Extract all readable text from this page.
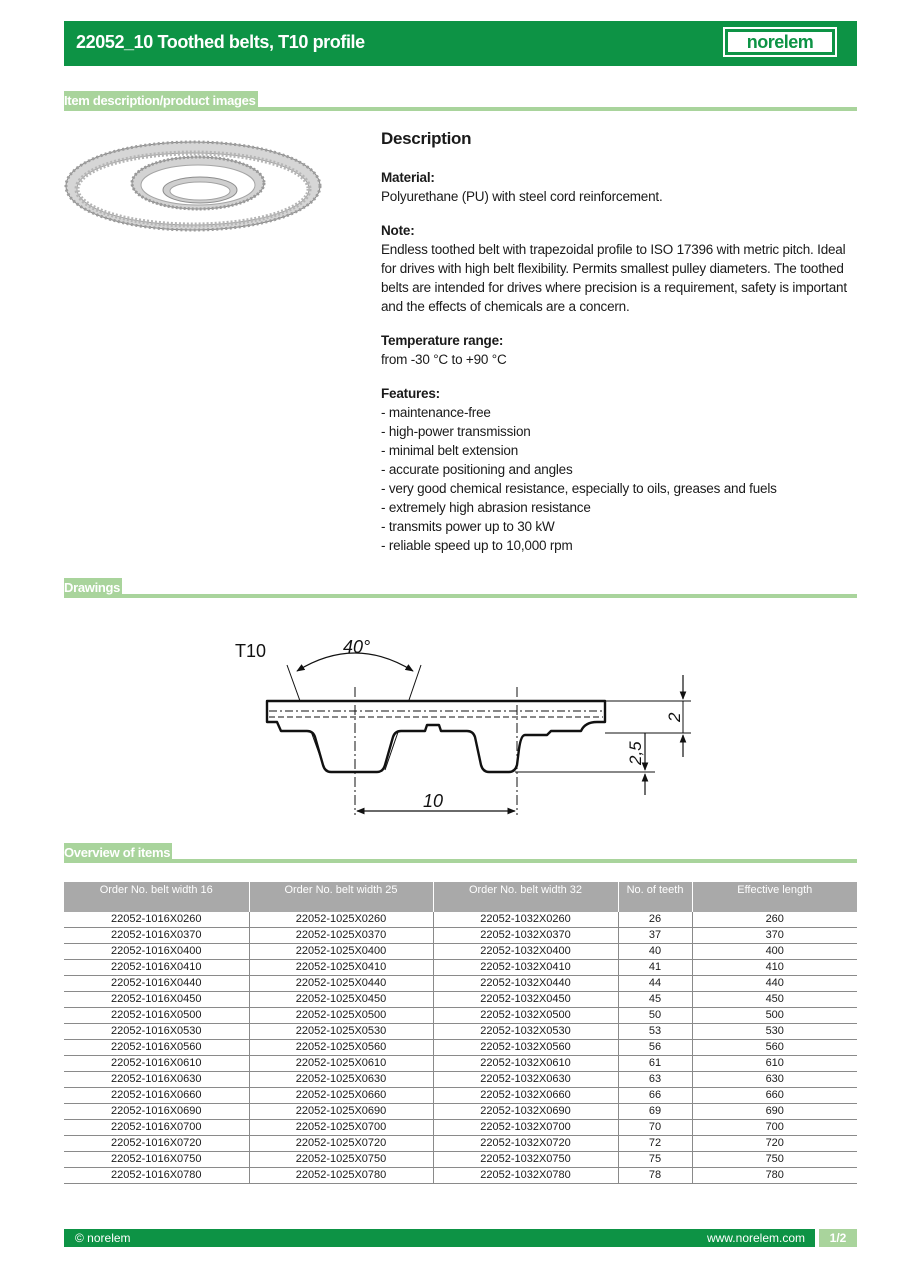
22052_10 Toothed belts, T10 profile	norelem
Item description/product images
Description
Material:
Polyurethane (PU) with steel cord reinforcement.
Note:
Endless toothed belt with trapezoidal profile to ISO 17396 with metric pitch. Ideal for drives with high belt flexibility. Permits smallest pulley diameters. The toothed belts are intended for drives where precision is a requirement, safety is important and the effects of chemicals are a concern.
Temperature range:
from -30 °C to +90 °C
Features:
- maintenance-free
- high-power transmission
- minimal belt extension
- accurate positioning and angles
- very good chemical resistance, especially to oils, greases and fuels
- extremely high abrasion resistance
- transmits power up to 30 kW
- reliable speed up to 10,000 rpm
Drawings
T10	40°
10
2
2,5
Overview of items
Order No. belt width 16	Order No. belt width 25	Order No. belt width 32	No. of teeth	Effective length
22052-1016X0260	22052-1025X0260	22052-1032X0260	26	260
22052-1016X0370	22052-1025X0370	22052-1032X0370	37	370
22052-1016X0400	22052-1025X0400	22052-1032X0400	40	400
22052-1016X0410	22052-1025X0410	22052-1032X0410	41	410
22052-1016X0440	22052-1025X0440	22052-1032X0440	44	440
22052-1016X0450	22052-1025X0450	22052-1032X0450	45	450
22052-1016X0500	22052-1025X0500	22052-1032X0500	50	500
22052-1016X0530	22052-1025X0530	22052-1032X0530	53	530
22052-1016X0560	22052-1025X0560	22052-1032X0560	56	560
22052-1016X0610	22052-1025X0610	22052-1032X0610	61	610
22052-1016X0630	22052-1025X0630	22052-1032X0630	63	630
22052-1016X0660	22052-1025X0660	22052-1032X0660	66	660
22052-1016X0690	22052-1025X0690	22052-1032X0690	69	690
22052-1016X0700	22052-1025X0700	22052-1032X0700	70	700
22052-1016X0720	22052-1025X0720	22052-1032X0720	72	720
22052-1016X0750	22052-1025X0750	22052-1032X0750	75	750
22052-1016X0780	22052-1025X0780	22052-1032X0780	78	780
© norelem	www.norelem.com	1/2
